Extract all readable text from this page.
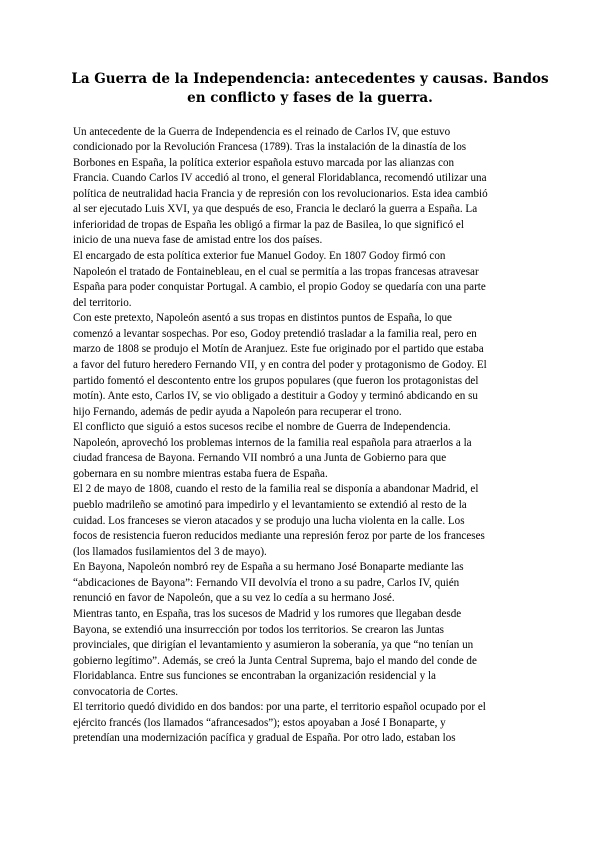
La Guerra de la Independencia: antecedentes y causas. Bandos en conflicto y fases de la guerra.

Un antecedente de la Guerra de Independencia es el reinado de Carlos IV, que estuvo
condicionado por la Revolución Francesa (1789). Tras la instalación de la dinastía de los
Borbones en España, la política exterior española estuvo marcada por las alianzas con
Francia. Cuando Carlos IV accedió al trono, el general Floridablanca, recomendó utilizar una
política de neutralidad hacia Francia y de represión con los revolucionarios. Esta idea cambió
al ser ejecutado Luis XVI, ya que después de eso, Francia le declaró la guerra a España. La
inferioridad de tropas de España les obligó a firmar la paz de Basilea, lo que significó el
inicio de una nueva fase de amistad entre los dos países.

El encargado de esta política exterior fue Manuel Godoy. En 1807 Godoy firmó con
Napoleón el tratado de Fontainebleau, en el cual se permitía a las tropas francesas atravesar
España para poder conquistar Portugal. A cambio, el propio Godoy se quedaría con una parte
del territorio.

Con este pretexto, Napoleón asentó a sus tropas en distintos puntos de España, lo que
comenzó a levantar sospechas. Por eso, Godoy pretendió trasladar a la familia real, pero en
marzo de 1808 se produjo el Motín de Aranjuez. Este fue originado por el partido que estaba
a favor del futuro heredero Fernando VII, y en contra del poder y protagonismo de Godoy. El
partido fomentó el descontento entre los grupos populares (que fueron los protagonistas del
motín). Ante esto, Carlos IV, se vio obligado a destituir a Godoy y terminó abdicando en su
hijo Fernando, además de pedir ayuda a Napoleón para recuperar el trono.

El conflicto que siguió a estos sucesos recibe el nombre de Guerra de Independencia.
Napoleón, aprovechó los problemas internos de la familia real española para atraerlos a la
ciudad francesa de Bayona. Fernando VII nombró a una Junta de Gobierno para que
gobernara en su nombre mientras estaba fuera de España.

El 2 de mayo de 1808, cuando el resto de la familia real se disponía a abandonar Madrid, el
pueblo madrileño se amotinó para impedirlo y el levantamiento se extendió al resto de la
cuidad. Los franceses se vieron atacados y se produjo una lucha violenta en la calle. Los
focos de resistencia fueron reducidos mediante una represión feroz por parte de los franceses
(los llamados fusilamientos del 3 de mayo).

En Bayona, Napoleón nombró rey de España a su hermano José Bonaparte mediante las
“abdicaciones de Bayona”: Fernando VII devolvía el trono a su padre, Carlos IV, quién
renunció en favor de Napoleón, que a su vez lo cedía a su hermano José.

Mientras tanto, en España, tras los sucesos de Madrid y los rumores que llegaban desde
Bayona, se extendió una insurrección por todos los territorios. Se crearon las Juntas
provinciales, que dirigían el levantamiento y asumieron la soberanía, ya que “no tenían un
gobierno legítimo”. Además, se creó la Junta Central Suprema, bajo el mando del conde de
Floridablanca. Entre sus funciones se encontraban la organización residencial y la
convocatoria de Cortes.

El territorio quedó dividido en dos bandos: por una parte, el territorio español ocupado por el
ejército francés (los llamados “afrancesados”); estos apoyaban a José I Bonaparte, y
pretendían una modernización pacífica y gradual de España. Por otro lado, estaban los
